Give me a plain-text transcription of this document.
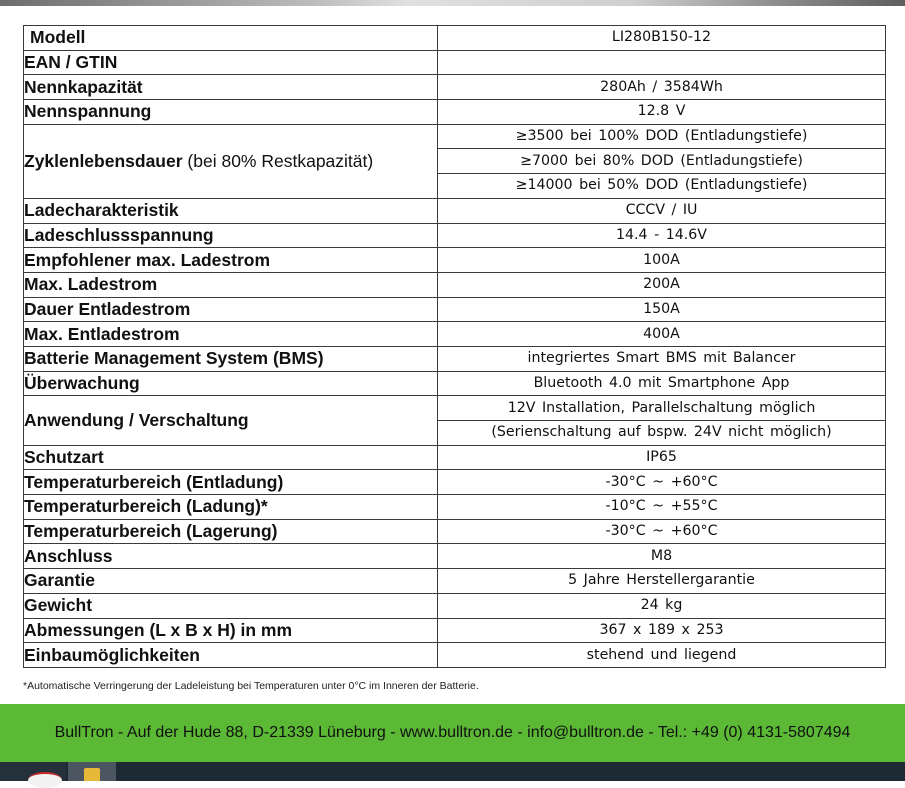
Modell	LI280B150-12
EAN / GTIN	
Nennkapazität	280Ah / 3584Wh
Nennspannung	12.8 V
Zyklenlebensdauer (bei 80% Restkapazität)	≥3500 bei 100% DOD (Entladungstiefe)
	≥7000 bei 80% DOD (Entladungstiefe)
	≥14000 bei 50% DOD (Entladungstiefe)
Ladecharakteristik	CCCV / IU
Ladeschlussspannung	14.4 - 14.6V
Empfohlener max. Ladestrom	100A
Max. Ladestrom	200A
Dauer Entladestrom	150A
Max. Entladestrom	400A
Batterie Management System (BMS)	integriertes Smart BMS mit Balancer
Überwachung	Bluetooth 4.0 mit Smartphone App
Anwendung / Verschaltung	12V Installation, Parallelschaltung möglich
	(Serienschaltung auf bspw. 24V nicht möglich)
Schutzart	IP65
Temperaturbereich (Entladung)	-30°C ~ +60°C
Temperaturbereich (Ladung)*	-10°C ~ +55°C
Temperaturbereich (Lagerung)	-30°C ~ +60°C
Anschluss	M8
Garantie	5 Jahre Herstellergarantie
Gewicht	24 kg
Abmessungen (L x B x H) in mm	367 x 189 x 253
Einbaumöglichkeiten	stehend und liegend
*Automatische Verringerung der Ladeleistung bei Temperaturen unter 0°C im Inneren der Batterie.
BullTron - Auf der Hude 88, D-21339 Lüneburg - www.bulltron.de - info@bulltron.de - Tel.: +49 (0) 4131-5807494
